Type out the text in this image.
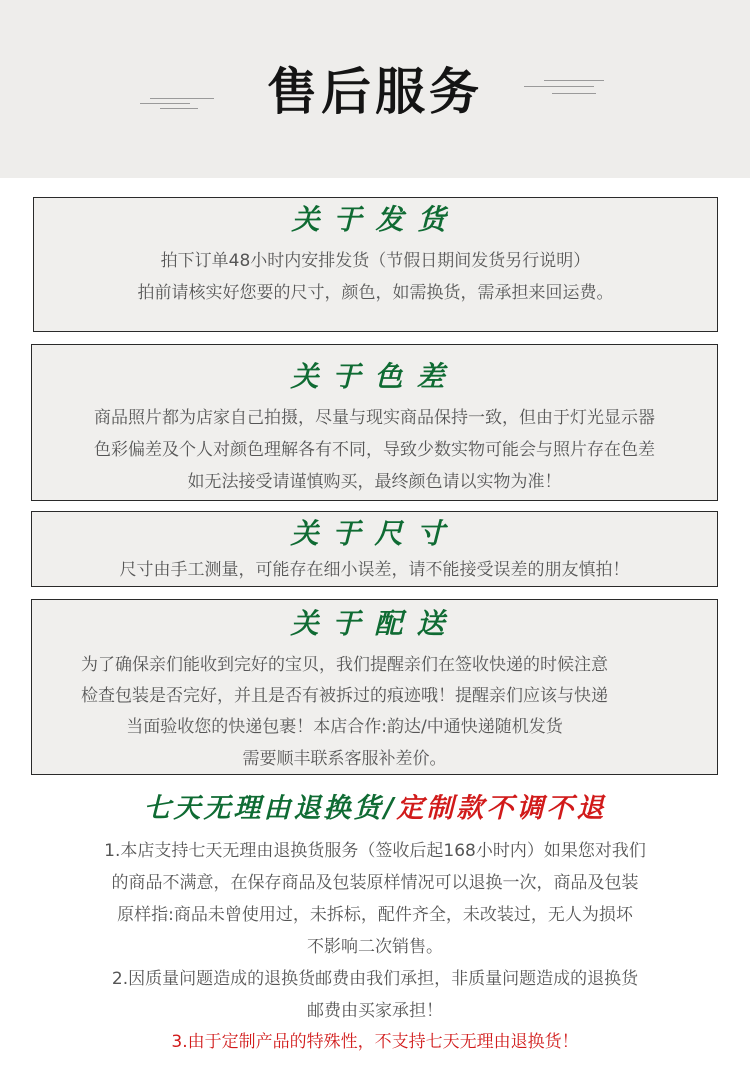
售后服务
关于发货
拍下订单48小时内安排发货（节假日期间发货另行说明）
拍前请核实好您要的尺寸，颜色，如需换货，需承担来回运费。
关于色差
商品照片都为店家自己拍摄，尽量与现实商品保持一致，但由于灯光显示器
色彩偏差及个人对颜色理解各有不同，导致少数实物可能会与照片存在色差
如无法接受请谨慎购买，最终颜色请以实物为准！
关于尺寸
尺寸由手工测量，可能存在细小误差，请不能接受误差的朋友慎拍！
关于配送
为了确保亲们能收到完好的宝贝，我们提醒亲们在签收快递的时候注意
检查包装是否完好，并且是否有被拆过的痕迹哦！提醒亲们应该与快递
当面验收您的快递包裹！本店合作:韵达/中通快递随机发货
需要顺丰联系客服补差价。
七天无理由退换货/定制款不调不退
1.本店支持七天无理由退换货服务（签收后起168小时内）如果您对我们
的商品不满意，在保存商品及包装原样情况可以退换一次，商品及包装
原样指:商品未曾使用过，未拆标，配件齐全，未改装过，无人为损坏
不影响二次销售。
2.因质量问题造成的退换货邮费由我们承担，非质量问题造成的退换货
邮费由买家承担！
3.由于定制产品的特殊性，不支持七天无理由退换货！
